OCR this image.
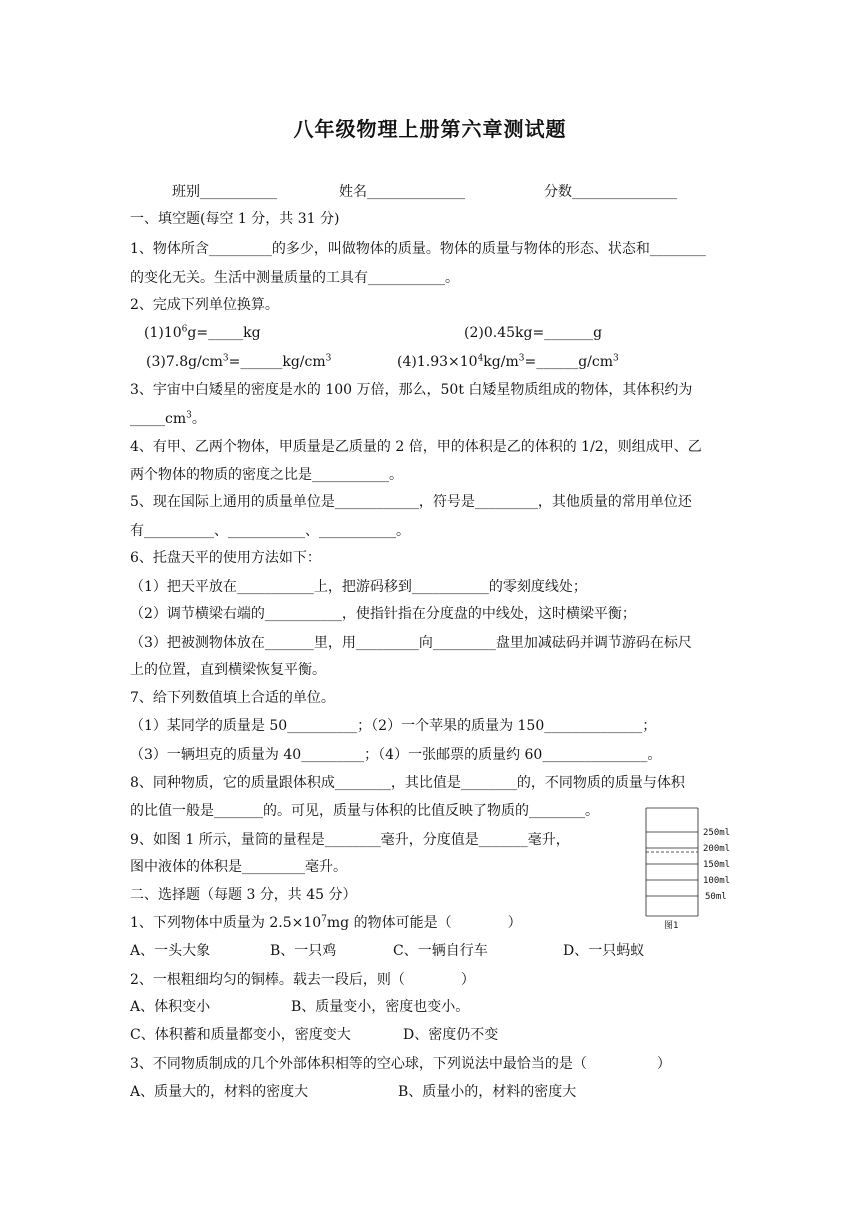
八年级物理上册第六章测试题
班别___________	姓名______________	分数_______________
一、填空题(每空 1 分，共 31 分)
1、物体所含_________的多少，叫做物体的质量。物体的质量与物体的形态、状态和________
的变化无关。生活中测量质量的工具有___________。
2、完成下列单位换算。
$(1)10^6g=\_\_\_\_\_kg$	(2)0.45kg=_______g
$(3)7.8g/cm^3=\_\_\_\_\_\_kg/cm^3$	$(4)1.93\times 10^4kg/m^3=\_\_\_\_\_\_g/cm^3$
3、宇宙中白矮星的密度是水的 100 万倍，那么，50t 白矮星物质组成的物体，其体积约为
$\_\_\_\_\_cm^3$。
4、有甲、乙两个物体，甲质量是乙质量的 2 倍，甲的体积是乙的体积的 1/2，则组成甲、乙
两个物体的物质的密度之比是___________。
5、现在国际上通用的质量单位是____________，符号是_________，其他质量的常用单位还
有__________、___________、___________。
6、托盘天平的使用方法如下：
（1）把天平放在___________上，把游码移到___________的零刻度线处；
（2）调节横梁右端的___________，使指针指在分度盘的中线处，这时横梁平衡；
（3）把被测物体放在_______里，用_________向_________盘里加减砝码并调节游码在标尺
上的位置，直到横梁恢复平衡。
7、给下列数值填上合适的单位。
（1）某同学的质量是 50__________；（2）一个苹果的质量为 150______________；
（3）一辆坦克的质量为 40_________；（4）一张邮票的质量约 60_______________。
8、同种物质，它的质量跟体积成________，其比值是________的，不同物质的质量与体积
的比值一般是_______的。可见，质量与体积的比值反映了物质的________。
9、如图 1 所示，量筒的量程是________毫升，分度值是_______毫升，
图中液体的体积是_________毫升。
250ml
200ml
150ml
100ml
50ml
图1
二、选择题（每题 3 分，共 45 分）
1、下列物体中质量为 $2.5\times 10^7mg$ 的物体可能是（　　　　）
A、一头大象	B、一只鸡	C、一辆自行车	D、一只蚂蚁
2、一根粗细均匀的铜棒。载去一段后，则（　　　　）
A、体积变小	B、质量变小，密度也变小。
C、体积蓄和质量都变小，密度变大	D、密度仍不变
3、不同物质制成的几个外部体积相等的空心球，下列说法中最恰当的是（　　　　　）
A、质量大的，材料的密度大	B、质量小的，材料的密度大
